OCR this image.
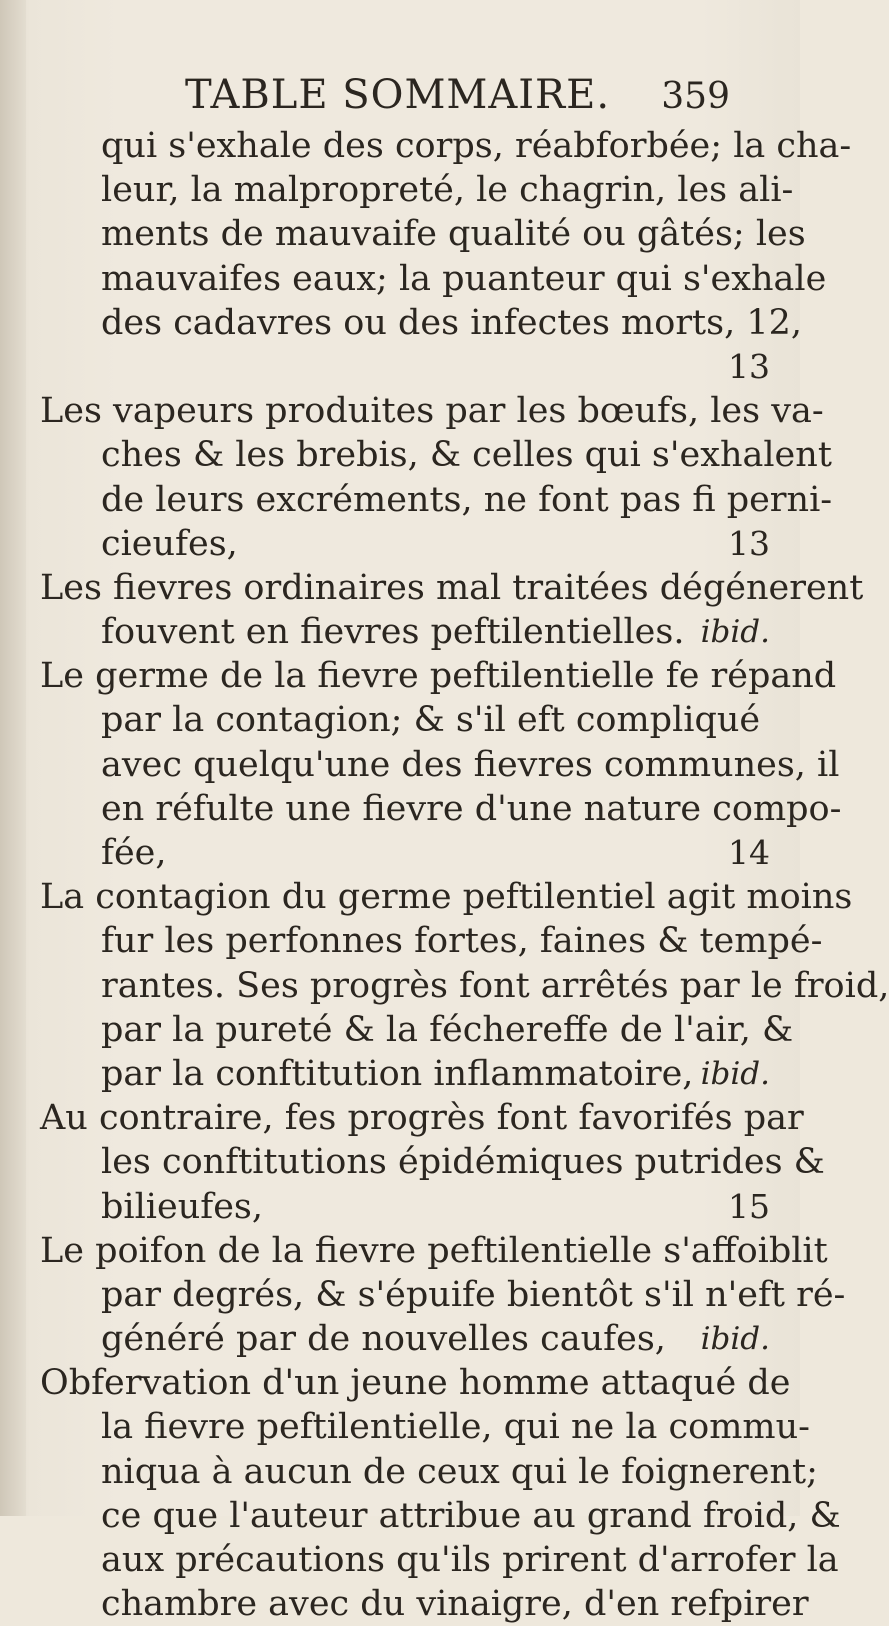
TABLE SOMMAIRE. 359
qui s'exhale des corps, réabforbée; la cha-
leur, la malpropreté, le chagrin, les ali-
ments de mauvaife qualité ou gâtés; les
mauvaifes eaux; la puanteur qui s'exhale
des cadavres ou des infectes morts, 12,
13
Les vapeurs produites par les bœufs, les va-
ches & les brebis, & celles qui s'exhalent
de leurs excréments, ne font pas fi perni-
cieufes,	13
Les fievres ordinaires mal traitées dégénerent
fouvent en fievres peftilentielles. ibid.
Le germe de la fievre peftilentielle fe répand
par la contagion; & s'il eft compliqué
avec quelqu'une des fievres communes, il
en réfulte une fievre d'une nature compo-
fée,	14
La contagion du germe peftilentiel agit moins
fur les perfonnes fortes, faines & tempé-
rantes. Ses progrès font arrêtés par le froid,
par la pureté & la féchereffe de l'air, &
par la conftitution inflammatoire, ibid.
Au contraire, fes progrès font favorifés par
les conftitutions épidémiques putrides &
bilieufes,	15
Le poifon de la fievre peftilentielle s'affoiblit
par degrés, & s'épuife bientôt s'il n'eft ré-
généré par de nouvelles caufes, ibid.
Obfervation d'un jeune homme attaqué de
la fievre peftilentielle, qui ne la commu-
niqua à aucun de ceux qui le foignerent;
ce que l'auteur attribue au grand froid, &
aux précautions qu'ils prirent d'arrofer la
chambre avec du vinaigre, d'en refpirer
